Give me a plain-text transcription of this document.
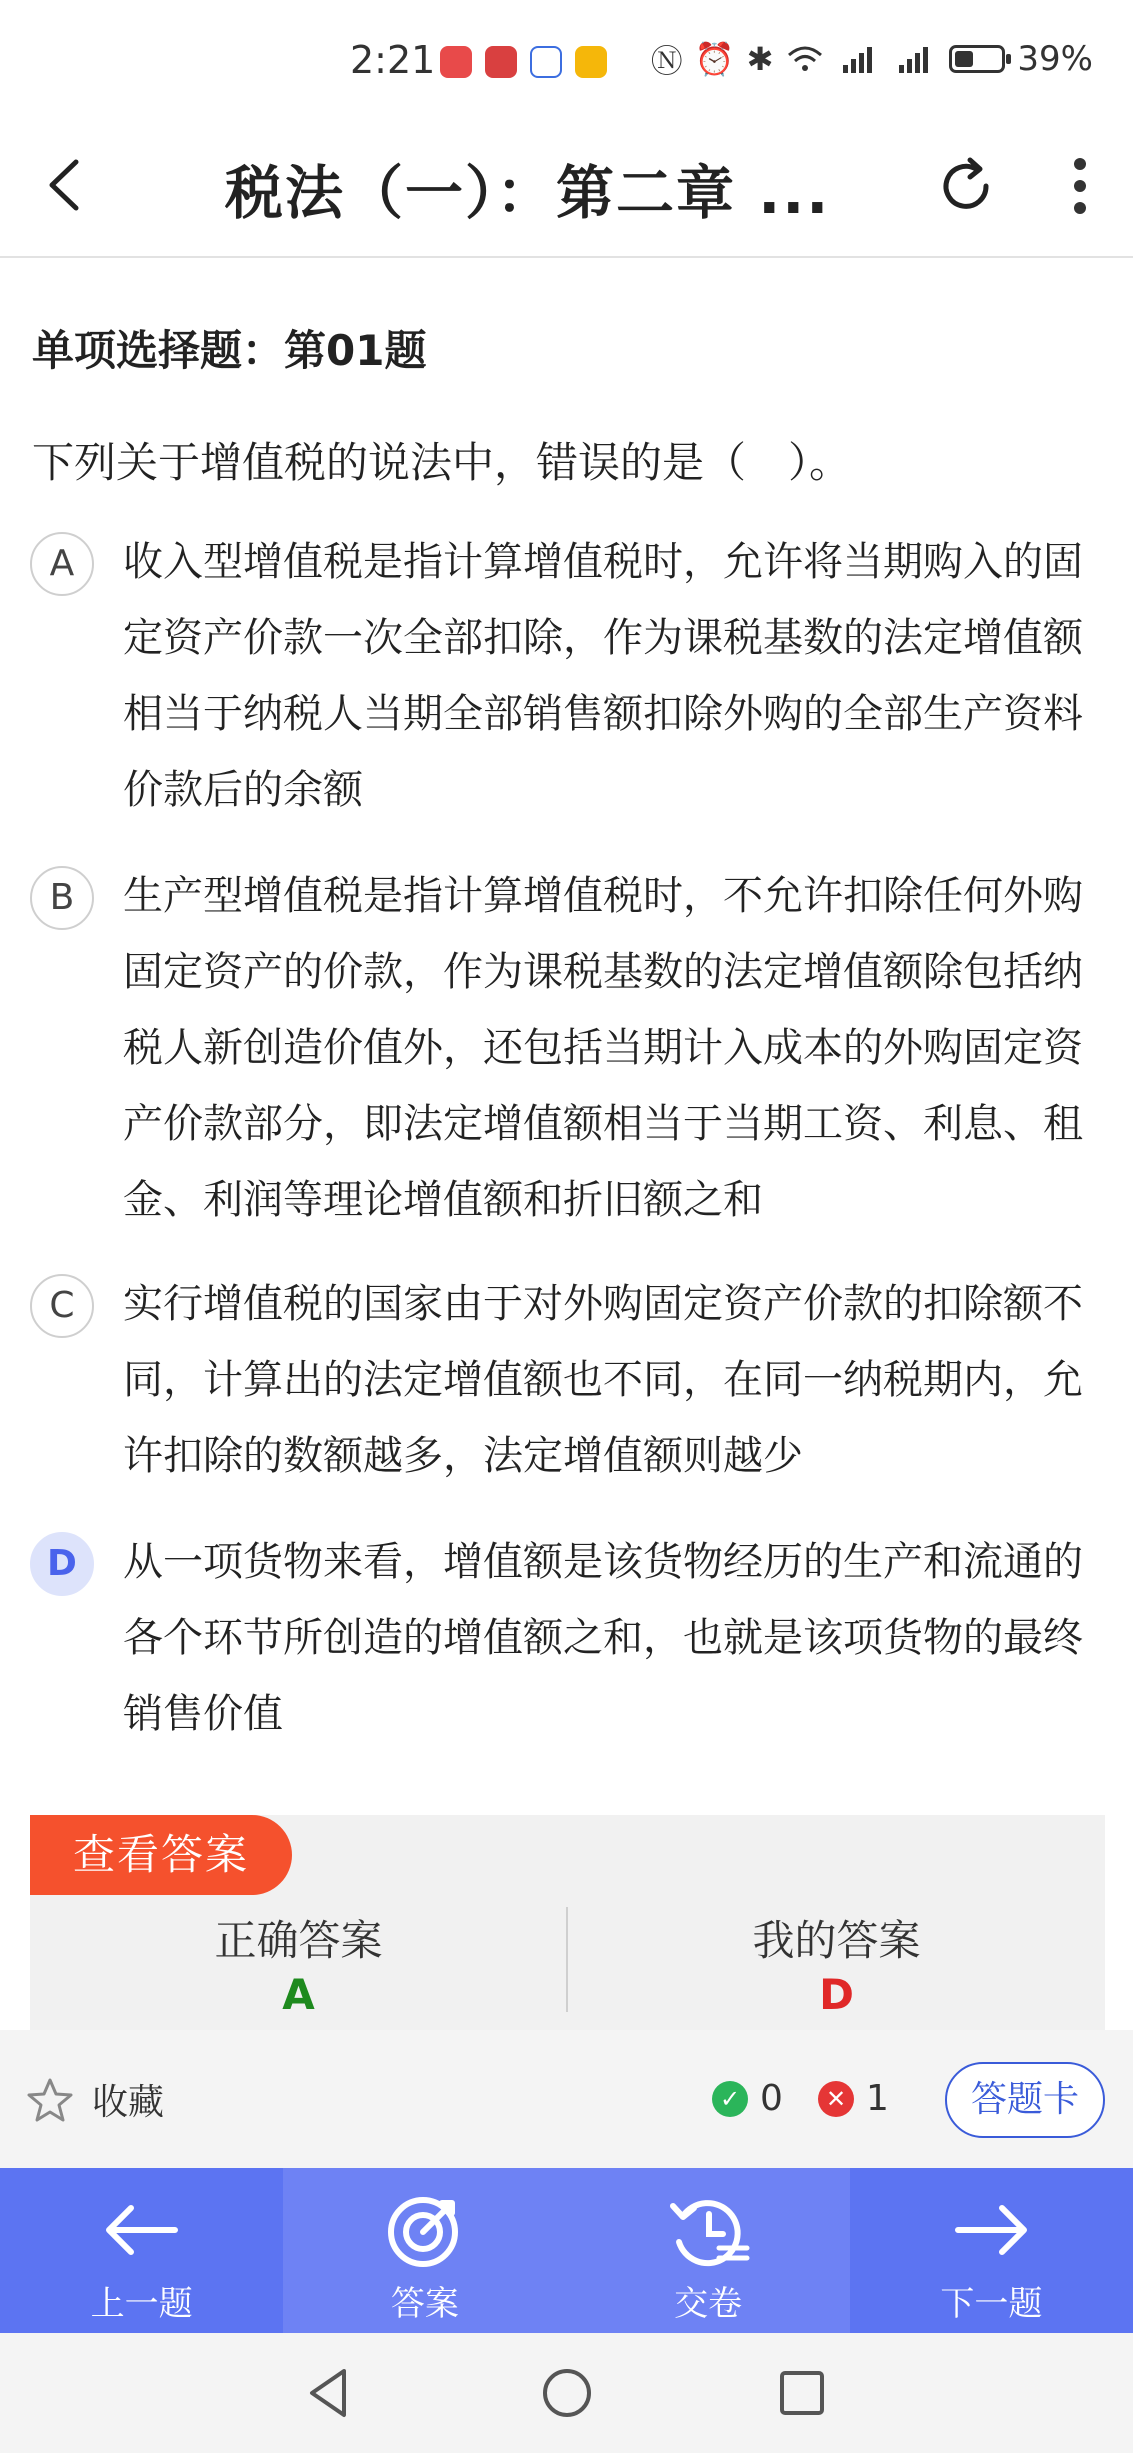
2:21	Ⓝ ⏰ ✱	39%
税法（一）：第二章 ...
单项选择题：第01题
下列关于增值税的说法中，错误的是（　）。
A	收入型增值税是指计算增值税时，允许将当期购入的固定资产价款一次全部扣除，作为课税基数的法定增值额相当于纳税人当期全部销售额扣除外购的全部生产资料价款后的余额
B	生产型增值税是指计算增值税时，不允许扣除任何外购固定资产的价款，作为课税基数的法定增值额除包括纳税人新创造价值外，还包括当期计入成本的外购固定资产价款部分，即法定增值额相当于当期工资、利息、租金、利润等理论增值额和折旧额之和
C	实行增值税的国家由于对外购固定资产价款的扣除额不同，计算出的法定增值额也不同，在同一纳税期内，允许扣除的数额越多，法定增值额则越少
D	从一项货物来看，增值额是该货物经历的生产和流通的各个环节所创造的增值额之和，也就是该项货物的最终销售价值
查看答案
正确答案
A
我的答案
D
收藏	✓ 0	✕ 1	答题卡
上一题	答案	交卷	下一题
